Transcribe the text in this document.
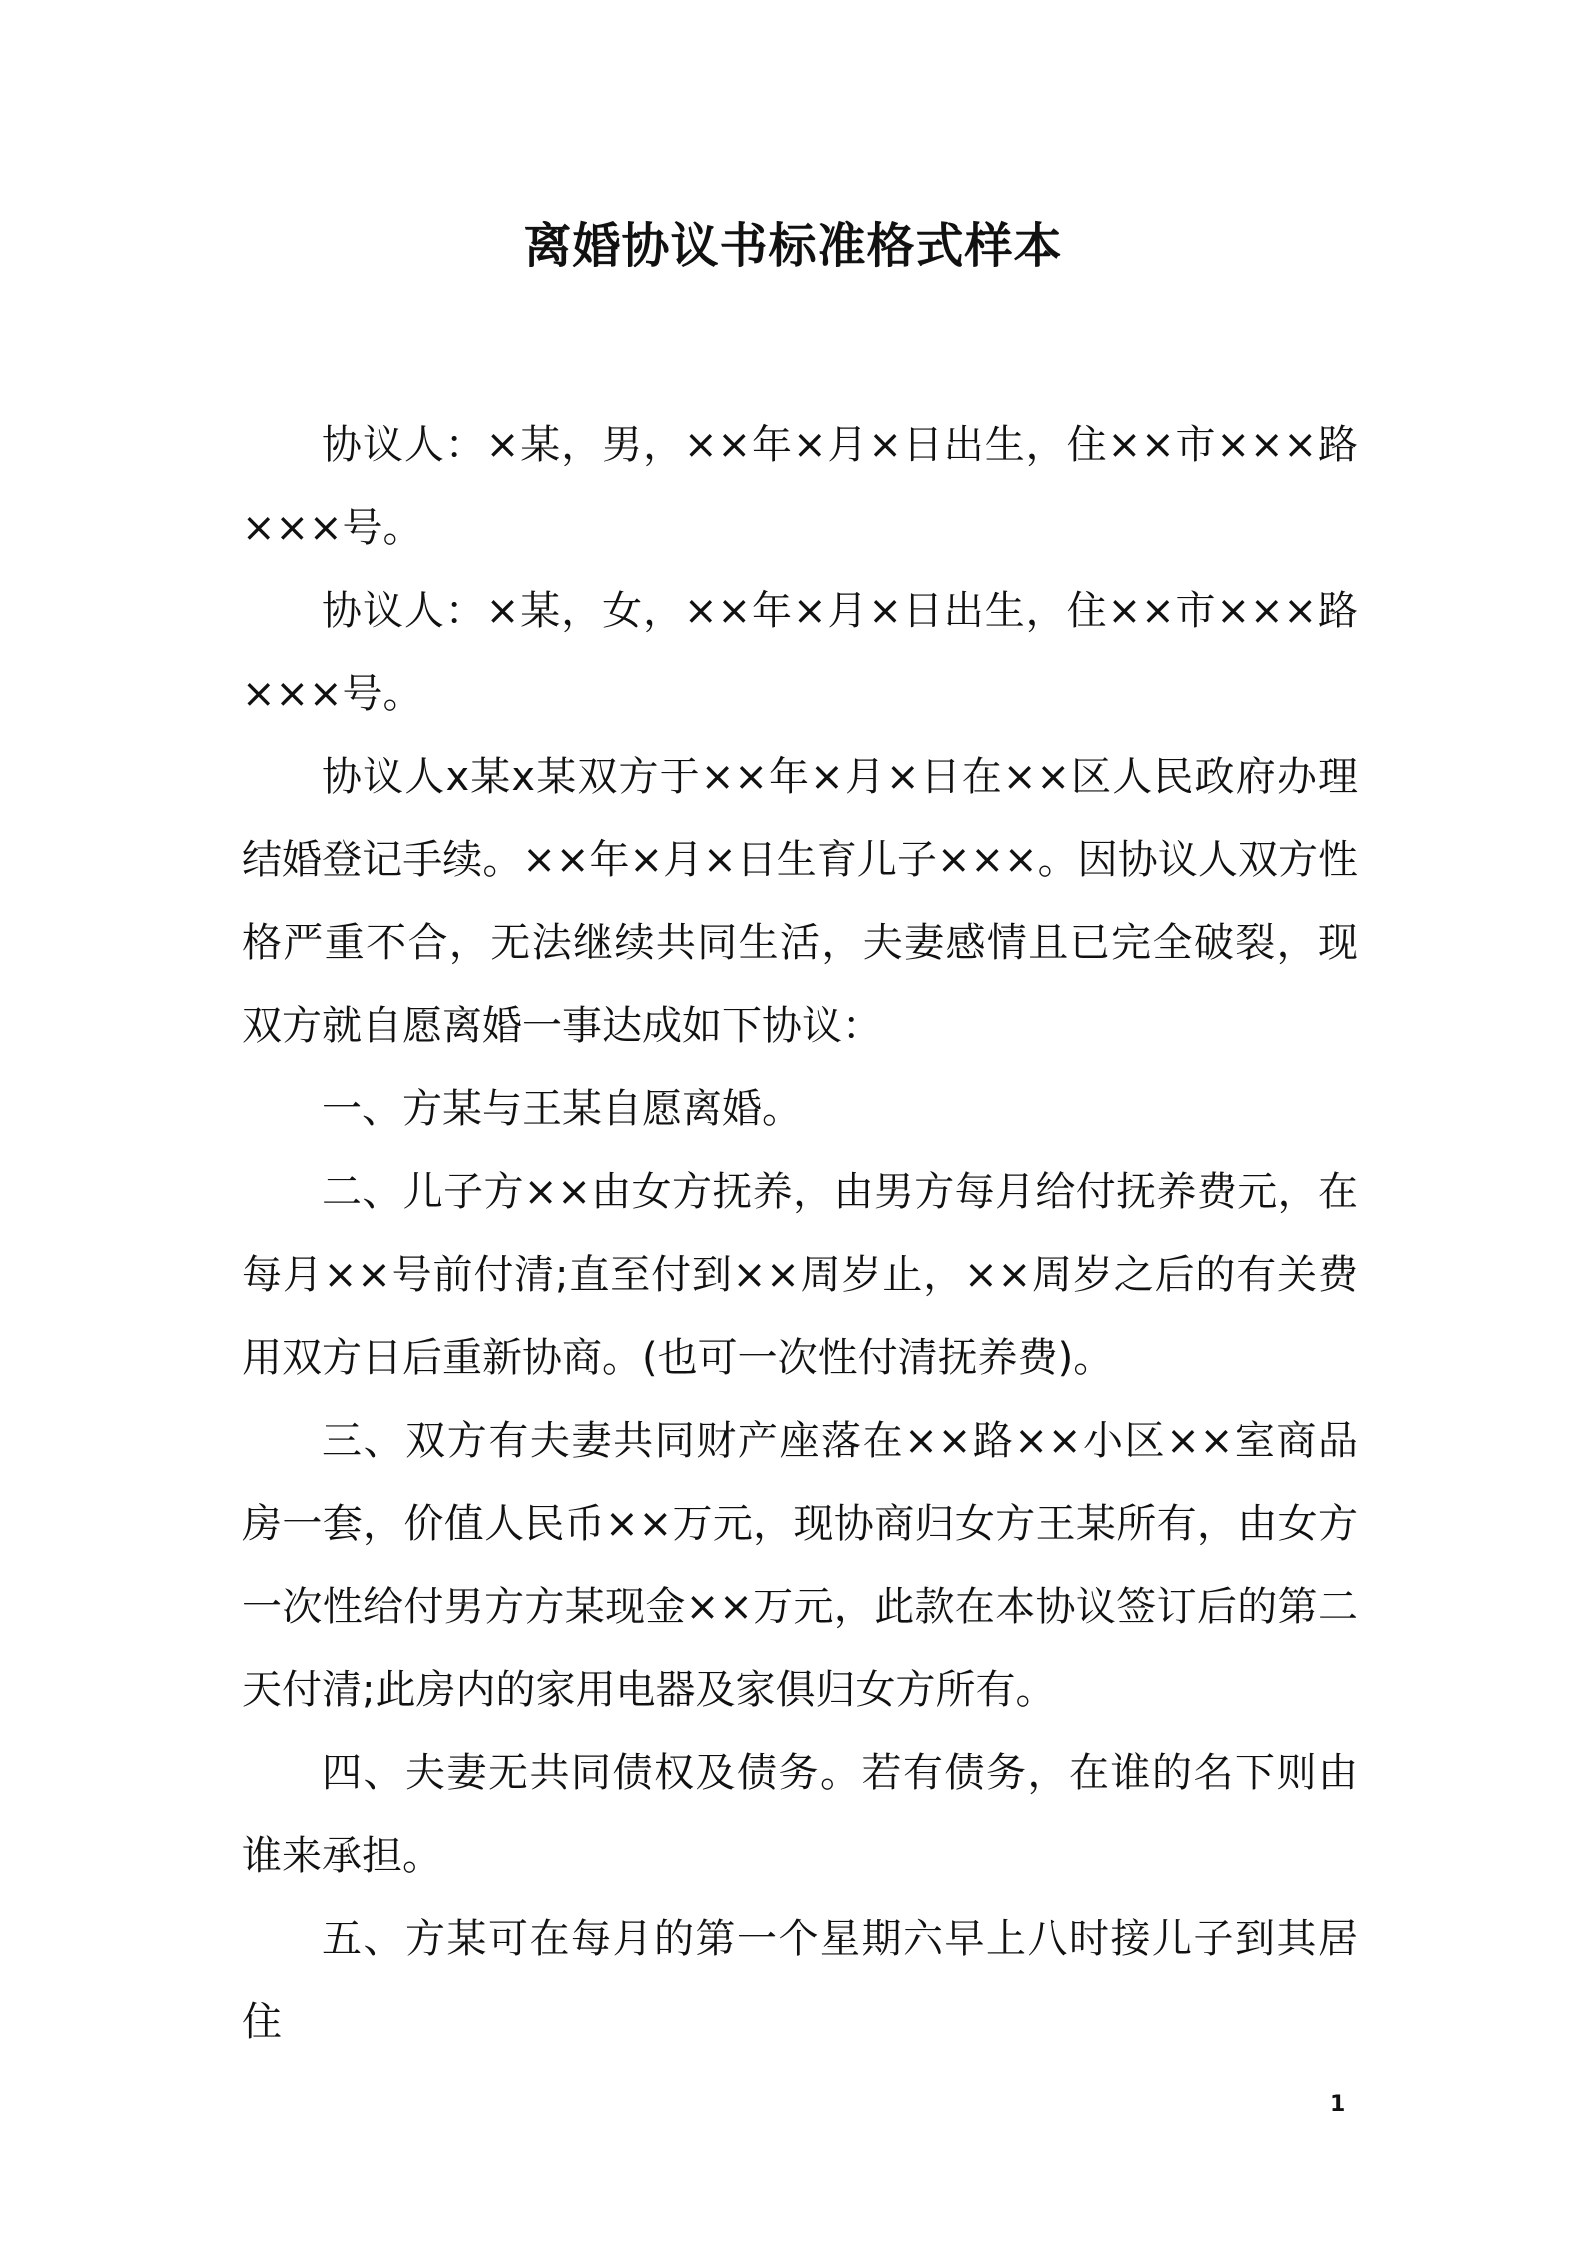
离婚协议书标准格式样本

协议人：×某，男，××年×月×日出生，住××市×××路×××号。

协议人：×某，女，××年×月×日出生，住××市×××路×××号。

协议人x某x某双方于××年×月×日在××区人民政府办理结婚登记手续。××年×月×日生育儿子×××。因协议人双方性格严重不合，无法继续共同生活，夫妻感情且已完全破裂，现双方就自愿离婚一事达成如下协议：

一、方某与王某自愿离婚。

二、儿子方××由女方抚养，由男方每月给付抚养费元，在每月××号前付清;直至付到××周岁止，××周岁之后的有关费用双方日后重新协商。(也可一次性付清抚养费)。

三、双方有夫妻共同财产座落在××路××小区××室商品房一套，价值人民币××万元，现协商归女方王某所有，由女方一次性给付男方方某现金××万元，此款在本协议签订后的第二天付清;此房内的家用电器及家俱归女方所有。

四、夫妻无共同债权及债务。若有债务，在谁的名下则由谁来承担。

五、方某可在每月的第一个星期六早上八时接儿子到其居住

1
